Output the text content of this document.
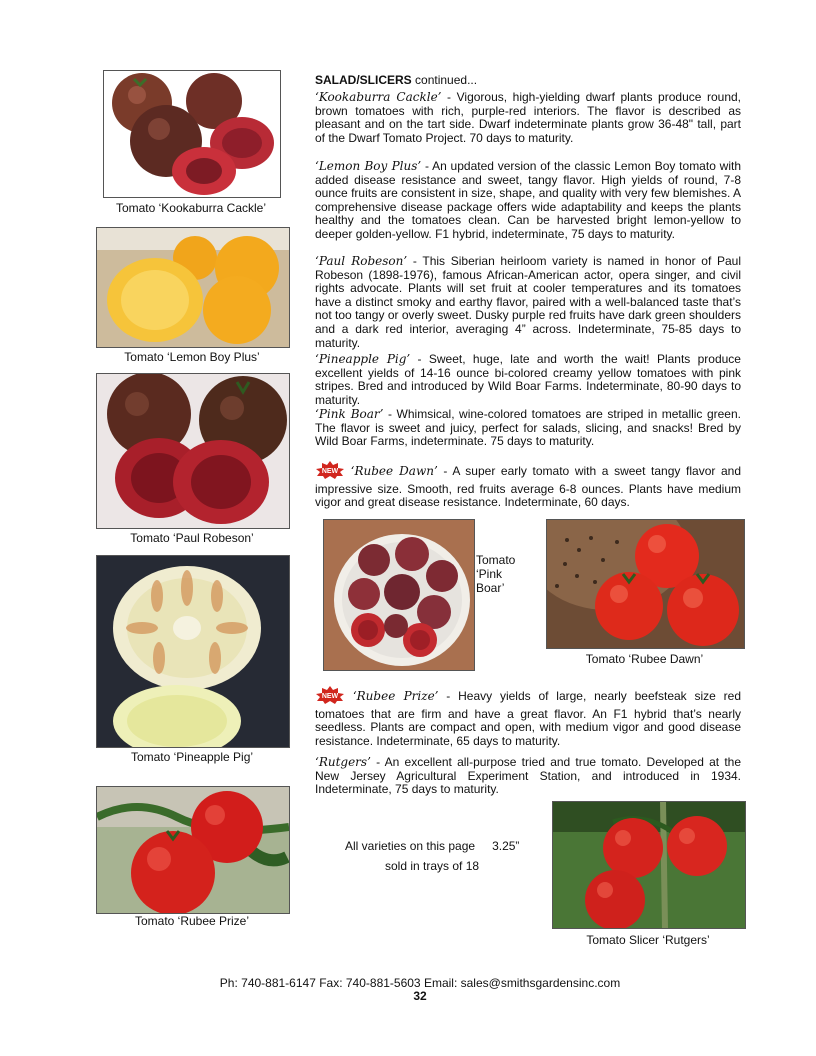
Tomato ‘Kookaburra Cackle’
Tomato ‘Lemon Boy Plus’
Tomato ‘Paul Robeson’
Tomato ‘Pineapple Pig’
Tomato ‘Rubee Prize’
SALAD/SLICERS continued...
‘Kookaburra Cackle’ - Vigorous, high-yielding dwarf plants produce round, brown tomatoes with rich, purple-red interiors. The flavor is described as pleasant and on the tart side. Dwarf indeterminate plants grow 36-48" tall, part of the Dwarf Tomato Project. 70 days to maturity.
‘Lemon Boy Plus’ - An updated version of the classic Lemon Boy tomato with added disease resistance and sweet, tangy flavor. High yields of round, 7-8 ounce fruits are consistent in size, shape, and quality with very few blemishes. A comprehensive disease package offers wide adaptability and keeps the plants healthy and the tomatoes clean. Can be harvested bright lemon-yellow to deeper golden-yellow. F1 hybrid, indeterminate, 75 days to maturity.
‘Paul Robeson’ - This Siberian heirloom variety is named in honor of Paul Robeson (1898-1976), famous African-American actor, opera singer, and civil rights advocate. Plants will set fruit at cooler temperatures and its tomatoes have a distinct smoky and earthy flavor, paired with a well-balanced taste that’s not too tangy or overly sweet. Dusky purple red fruits have dark green shoulders and a dark red interior, averaging 4” across. Indeterminate, 75-85 days to maturity.
‘Pineapple Pig’ - Sweet, huge, late and worth the wait! Plants produce excellent yields of 14-16 ounce bi-colored creamy yellow tomatoes with pink stripes. Bred and introduced by Wild Boar Farms. Indeterminate, 80-90 days to maturity.
‘Pink Boar’ - Whimsical, wine-colored tomatoes are striped in metallic green. The flavor is sweet and juicy, perfect for salads, slicing, and snacks! Bred by Wild Boar Farms, indeterminate. 75 days to maturity.
NEW ‘Rubee Dawn’ - A super early tomato with a sweet tangy flavor and impressive size. Smooth, red fruits average 6-8 ounces. Plants have medium vigor and great disease resistance. Indeterminate, 60 days.
NEW ‘Rubee Prize’ - Heavy yields of large, nearly beefsteak size red tomatoes that are firm and have a great flavor. An F1 hybrid that’s nearly seedless. Plants are compact and open, with medium vigor and good disease resistance. Indeterminate, 65 days to maturity.
‘Rutgers’ - An excellent all-purpose tried and true tomato. Developed at the New Jersey Agricultural Experiment Station, and introduced in 1934. Indeterminate, 75 days to maturity.
Tomato
‘Pink
Boar’
Tomato ‘Rubee Dawn’
All varieties on this page 3.25”
sold in trays of 18
Tomato Slicer ‘Rutgers’
Ph: 740-881-6147 Fax: 740-881-5603 Email: sales@smithsgardensinc.com
32
